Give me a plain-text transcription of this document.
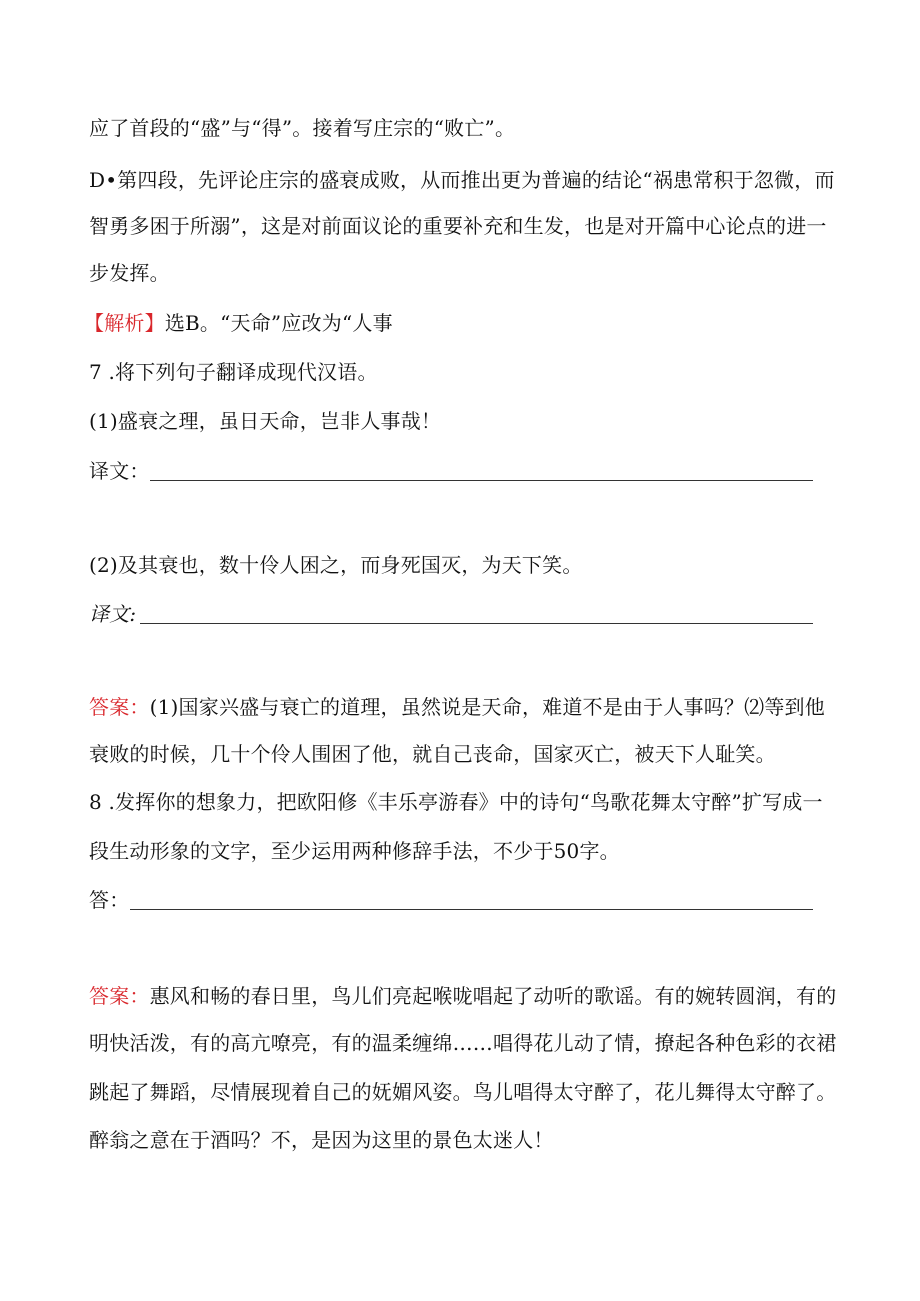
应了首段的“盛”与“得”。接着写庄宗的“败亡”。
D•第四段，先评论庄宗的盛衰成败，从而推出更为普遍的结论“祸患常积于忽微，而
智勇多困于所溺”，这是对前面议论的重要补充和生发，也是对开篇中心论点的进一
步发挥。
【解析】选B。“天命”应改为“人事
7 .将下列句子翻译成现代汉语。
(1)盛衰之理，虽日天命，岂非人事哉！
译文：
(2)及其衰也，数十伶人困之，而身死国灭，为天下笑。
译文:
答案：(1)国家兴盛与衰亡的道理，虽然说是天命，难道不是由于人事吗？⑵等到他
衰败的时候，几十个伶人围困了他，就自己丧命，国家灭亡，被天下人耻笑。
8 .发挥你的想象力，把欧阳修《丰乐亭游春》中的诗句“鸟歌花舞太守醉”扩写成一
段生动形象的文字，至少运用两种修辞手法，不少于50字。
答：
答案：惠风和畅的春日里，鸟儿们亮起喉咙唱起了动听的歌谣。有的婉转圆润，有的
明快活泼，有的高亢嘹亮，有的温柔缠绵……唱得花儿动了情，撩起各种色彩的衣裙
跳起了舞蹈，尽情展现着自己的妩媚风姿。鸟儿唱得太守醉了，花儿舞得太守醉了。
醉翁之意在于酒吗？不，是因为这里的景色太迷人！
